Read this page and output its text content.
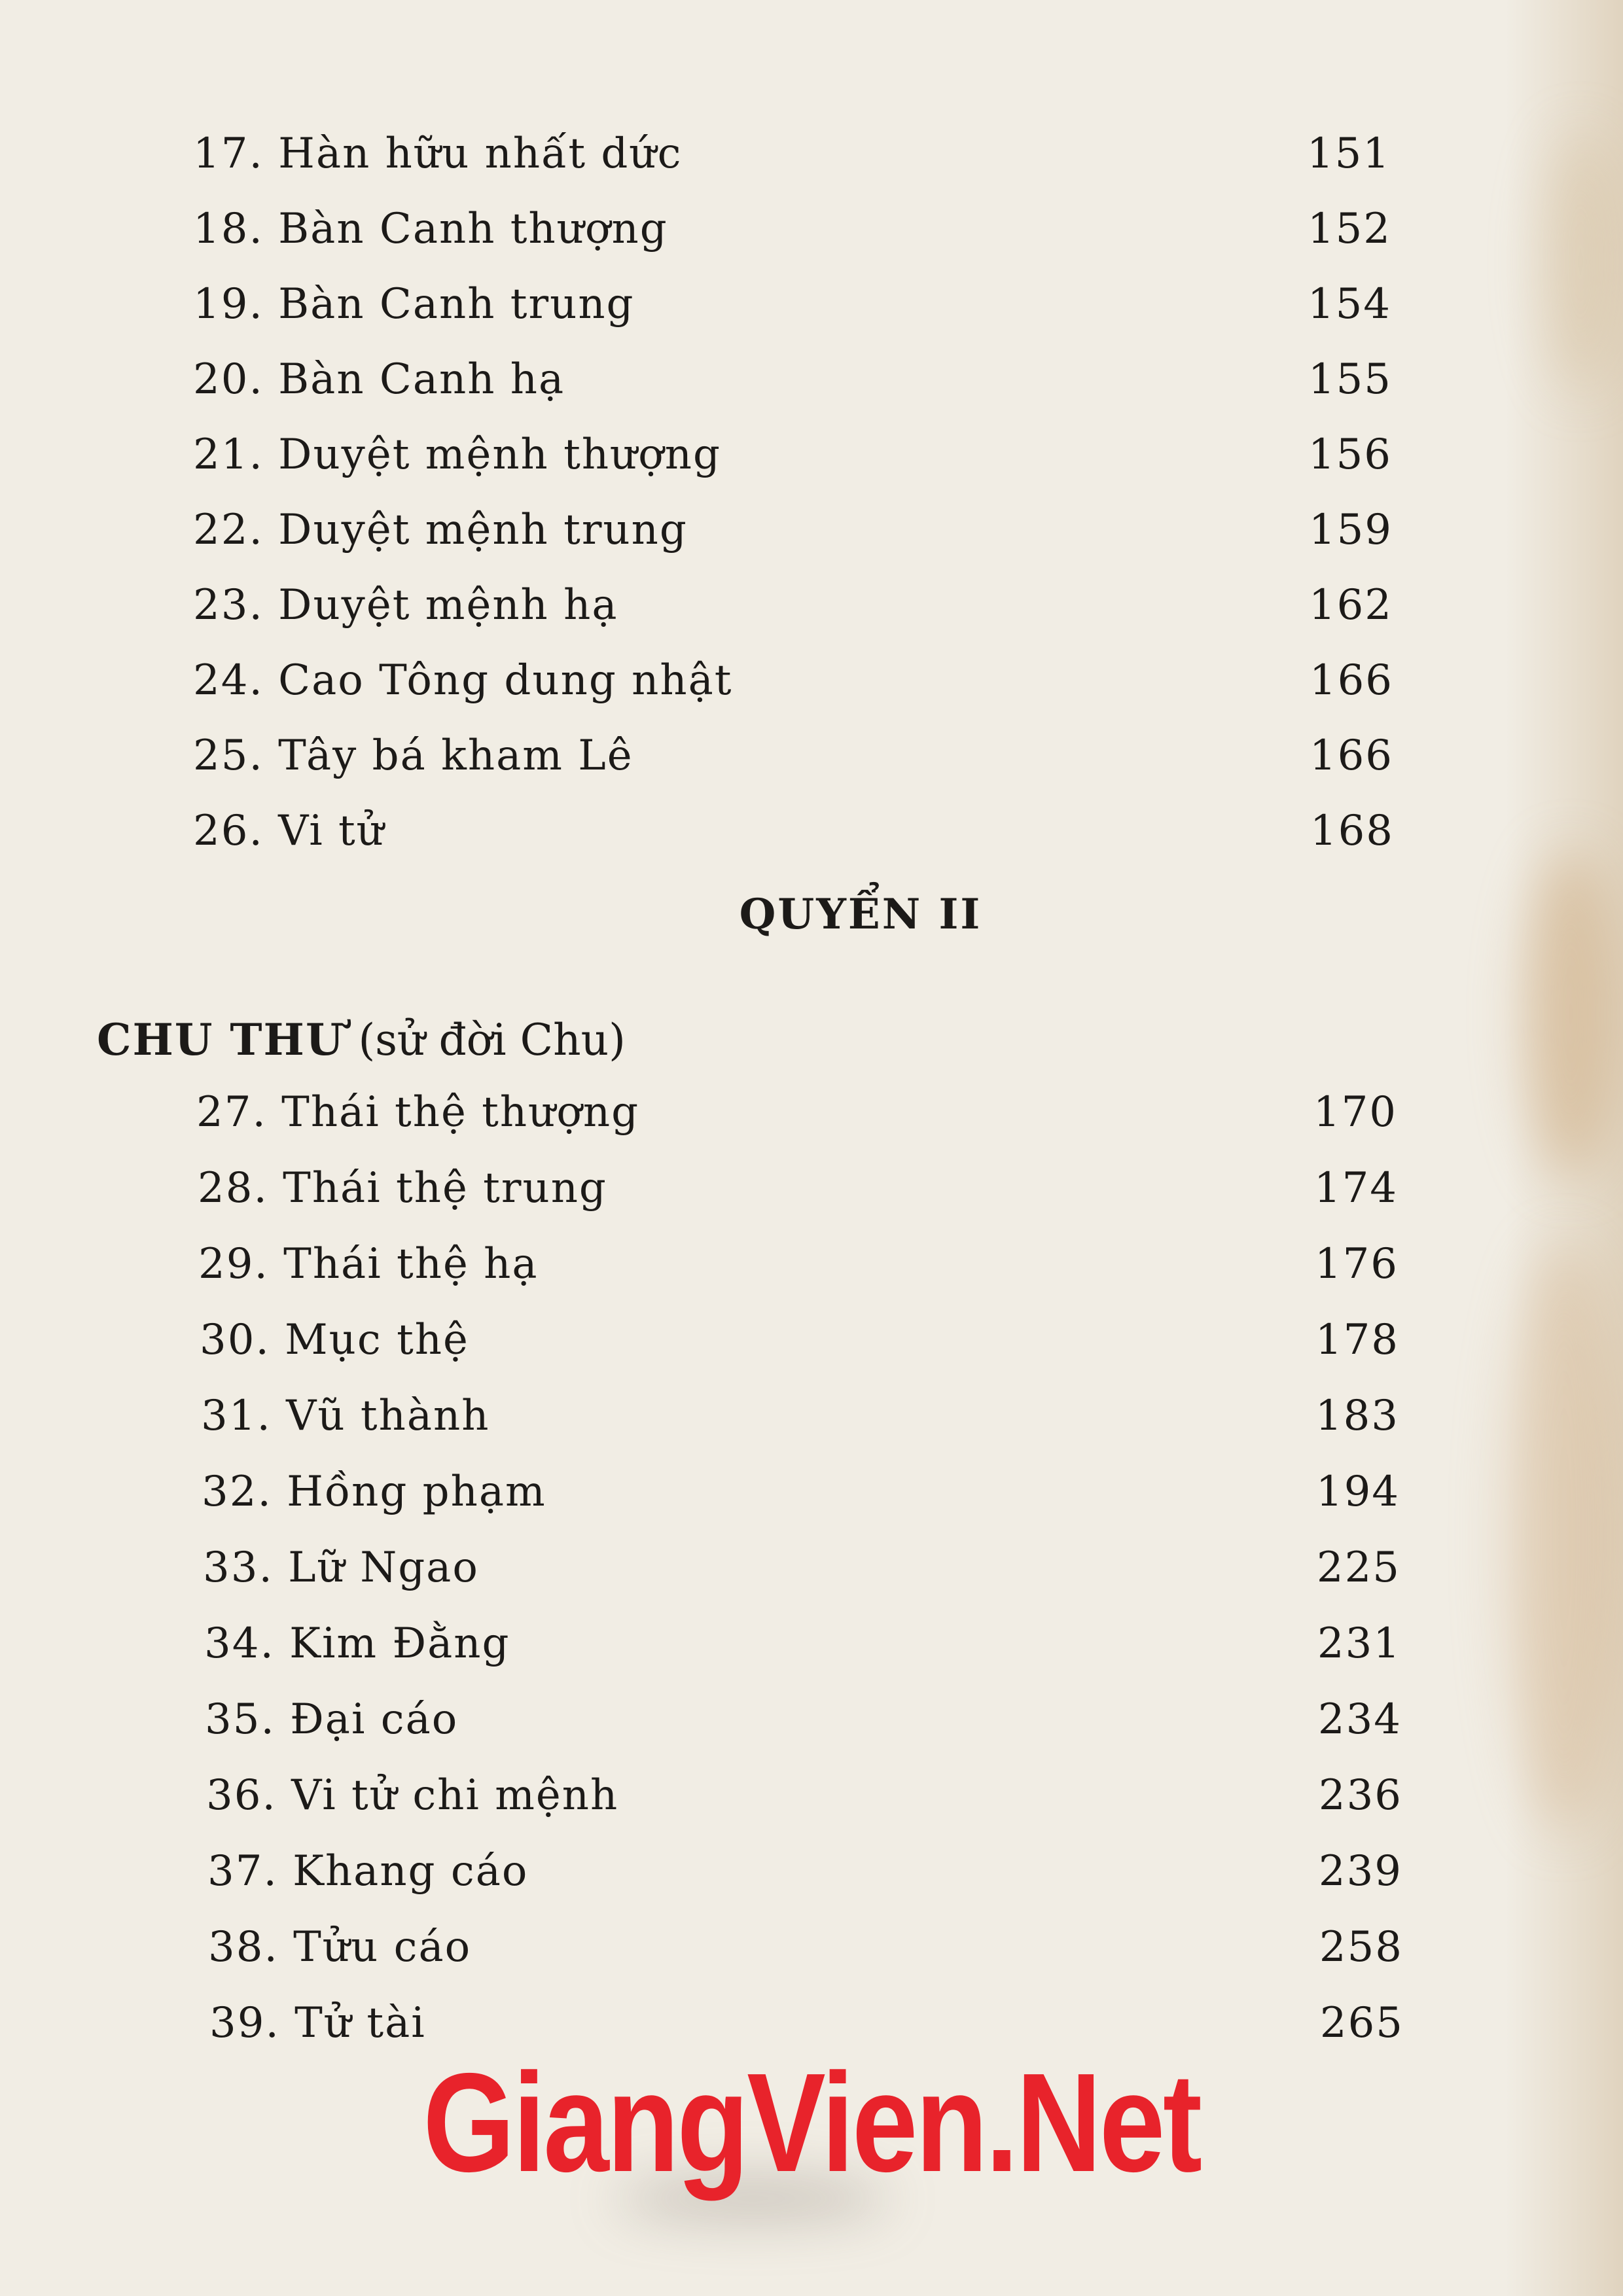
17. Hàn hữu nhất dức	151
18. Bàn Canh thượng	152
19. Bàn Canh trung	154
20. Bàn Canh hạ	155
21. Duyệt mệnh thượng	156
22. Duyệt mệnh trung	159
23. Duyệt mệnh hạ	162
24. Cao Tông dung nhật	166
25. Tây bá kham Lê	166
26. Vi tử	168
QUYỂN II
CHU THƯ (sử đời Chu)
27. Thái thệ thượng	170
28. Thái thệ trung	174
29. Thái thệ hạ	176
30. Mục thệ	178
31. Vũ thành	183
32. Hồng phạm	194
33. Lữ Ngao	225
34. Kim Đằng	231
35. Đại cáo	234
36. Vi tử chi mệnh	236
37. Khang cáo	239
38. Tửu cáo	258
39. Tử tài	265
GiangVien.Net
